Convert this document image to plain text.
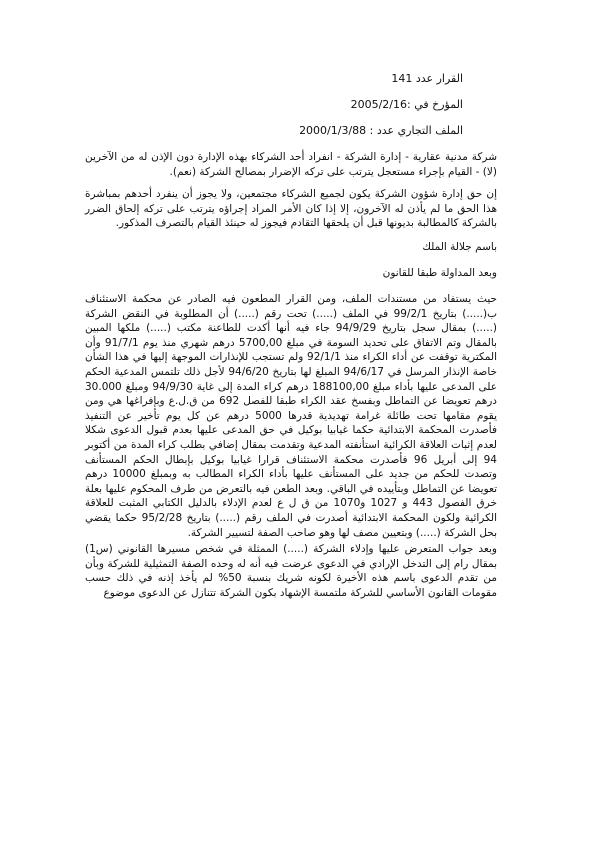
القرار عدد 141
المؤرخ في :2005/2/16
الملف التجاري عدد : 2000/1/3/88

شركة مدنية عقارية - إدارة الشركة - انفراد أحد الشركاء بهذه الإدارة دون الإذن له من الآخرين (لا) - القيام بإجراء مستعجل يترتب على تركه الإضرار بمصالح الشركة (نعم).

إن حق إدارة شؤون الشركة يكون لجميع الشركاء مجتمعين، ولا يجوز أن ينفرد أحدهم بمباشرة هذا الحق ما لم يأذن له الآخرون، إلا إذا كان الأمر المراد إجراؤه يترتب على تركه إلحاق الضرر بالشركة كالمطالبة بديونها قبل أن يلحقها التقادم فيجوز له حينئذ القيام بالتصرف المذكور.

باسم جلالة الملك
وبعد المداولة طبقا للقانون

حيث يستفاد من مستندات الملف، ومن القرار المطعون فيه الصادر عن محكمة الاستئناف ب(.....) بتاريخ 99/2/1 في الملف (.....) تحت رقم (.....) أن المطلوبة في النقض الشركة (.....) بمقال سجل بتاريخ 94/9/29 جاء فيه أنها أكدت للطاعنة مكتب (.....) ملكها المبين بالمقال وتم الاتفاق على تحديد السومة في مبلغ 5700,00 درهم شهري منذ يوم 91/7/1 وأن المكترية توقفت عن أداء الكراء منذ 92/1/1 ولم تستجب للإنذارات الموجهة إليها في هذا الشأن خاصة الإنذار المرسل في 94/6/17 المبلغ لها بتاريخ 94/6/20 لأجل ذلك تلتمس المدعية الحكم على المدعى عليها بأداء مبلغ 188100,00 درهم كراء المدة إلى غاية 94/9/30 ومبلغ 30.000 درهم تعويضا عن التماطل وبفسخ عقد الكراء طبقا للفصل 692 من ق.ل.ع وبإفراغها هي ومن يقوم مقامها تحت طائلة غرامة تهديدية قدرها 5000 درهم عن كل يوم تأخير عن التنفيذ فأصدرت المحكمة الابتدائية حكما غيابيا بوكيل في حق المدعى عليها بعدم قبول الدعوى شكلا لعدم إثبات العلاقة الكرائية استأنفته المدعية وتقدمت بمقال إضافي بطلب كراء المدة من أكتوبر 94 إلى أبريل 96 فأصدرت محكمة الاستئناف قرارا غيابيا بوكيل بإبطال الحكم المستأنف وتصدت للحكم من جديد على المستأنف عليها بأداء الكراء المطالب به وبمبلغ 10000 درهم تعويضا عن التماطل وبتأييده في الباقي. وبعد الطعن فيه بالتعرض من طرف المحكوم عليها بعلة خرق الفصول 443 و 1027 و1070 من ق ل ع لعدم الإدلاء بالدليل الكتابي المثبت للعلاقة الكرائية ولكون المحكمة الابتدائية أصدرت في الملف رقم (.....) بتاريخ 95/2/28 حكما يقضي بحل الشركة (.....) وبتعيين مصف لها وهو صاحب الصفة لتسيير الشركة.

وبعد جواب المتعرض عليها وإدلاء الشركة (.....) الممثلة في شخص مسيرها القانوني (س1) بمقال رام إلى التدخل الإرادي في الدعوى عرضت فيه أنه له وحده الصفة التمثيلية للشركة وبأن من تقدم الدعوى باسم هذه الأخيرة لكونه شريك بنسبة 50% لم يأخذ إذنه في ذلك حسب مقومات القانون الأساسي للشركة ملتمسة الإشهاد بكون الشركة تتنازل عن الدعوى موضوع
